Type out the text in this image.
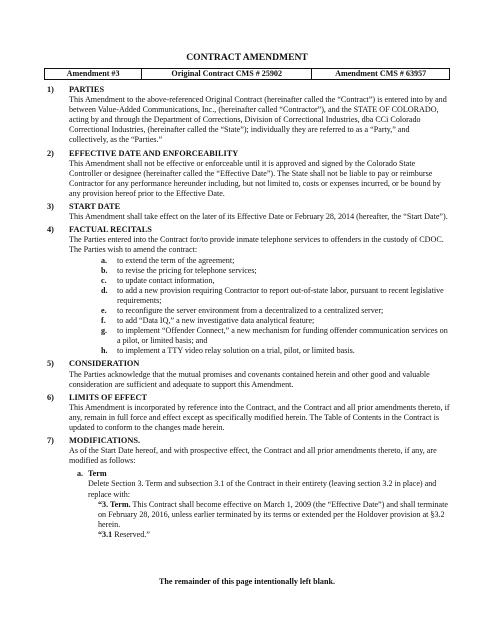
CONTRACT AMENDMENT
Amendment #3	Original Contract CMS # 25902	Amendment CMS # 63957
1)	PARTIES

This Amendment to the above-referenced Original Contract (hereinafter called the “Contract”) is entered into by and between Value-Added Communications, Inc., (hereinafter called “Contractor”), and the STATE OF COLORADO, acting by and through the Department of Corrections, Division of Correctional Industries, dba CCi Colorado Correctional Industries, (hereinafter called the “State”); individually they are referred to as a “Party,” and collectively, as the “Parties.”

2)	EFFECTIVE DATE AND ENFORCEABILITY

This Amendment shall not be effective or enforceable until it is approved and signed by the Colorado State Controller or designee (hereinafter called the “Effective Date”). The State shall not be liable to pay or reimburse Contractor for any performance hereunder including, but not limited to, costs or expenses incurred, or be bound by any provision hereof prior to the Effective Date.

3)	START DATE

This Amendment shall take effect on the later of its Effective Date or February 28, 2014 (hereafter, the “Start Date”).

4)	FACTUAL RECITALS

The Parties entered into the Contract for/to provide inmate telephone services to offenders in the custody of CDOC. The Parties wish to amend the contract:

a.	to extend the term of the agreement;
b.	to revise the pricing for telephone services;
c.	to update contact information,
d.	to add a new provision requiring Contractor to report out-of-state labor, pursuant to recent legislative requirements;
e.	to reconfigure the server environment from a decentralized to a centralized server;
f.	to add “Data IQ,” a new investigative data analytical feature;
g.	to implement “Offender Connect,” a new mechanism for funding offender communication services on a pilot, or limited basis; and
h.	to implement a TTY video relay solution on a trial, pilot, or limited basis.
5)	CONSIDERATION

The Parties acknowledge that the mutual promises and covenants contained herein and other good and valuable consideration are sufficient and adequate to support this Amendment.

6)	LIMITS OF EFFECT

This Amendment is incorporated by reference into the Contract, and the Contract and all prior amendments thereto, if any, remain in full force and effect except as specifically modified herein. The Table of Contents in the Contract is updated to conform to the changes made herein.

7)	MODIFICATIONS.

As of the Start Date hereof, and with prospective effect, the Contract and all prior amendments thereto, if any, are modified as follows:

a. Term

Delete Section 3. Term and subsection 3.1 of the Contract in their entirety (leaving section 3.2 in place) and replace with:

“3. Term. This Contract shall become effective on March 1, 2009 (the “Effective Date”) and shall terminate on February 28, 2016, unless earlier terminated by its terms or extended per the Holdover provision at §3.2 herein.

“3.1 Reserved.”

The remainder of this page intentionally left blank.
